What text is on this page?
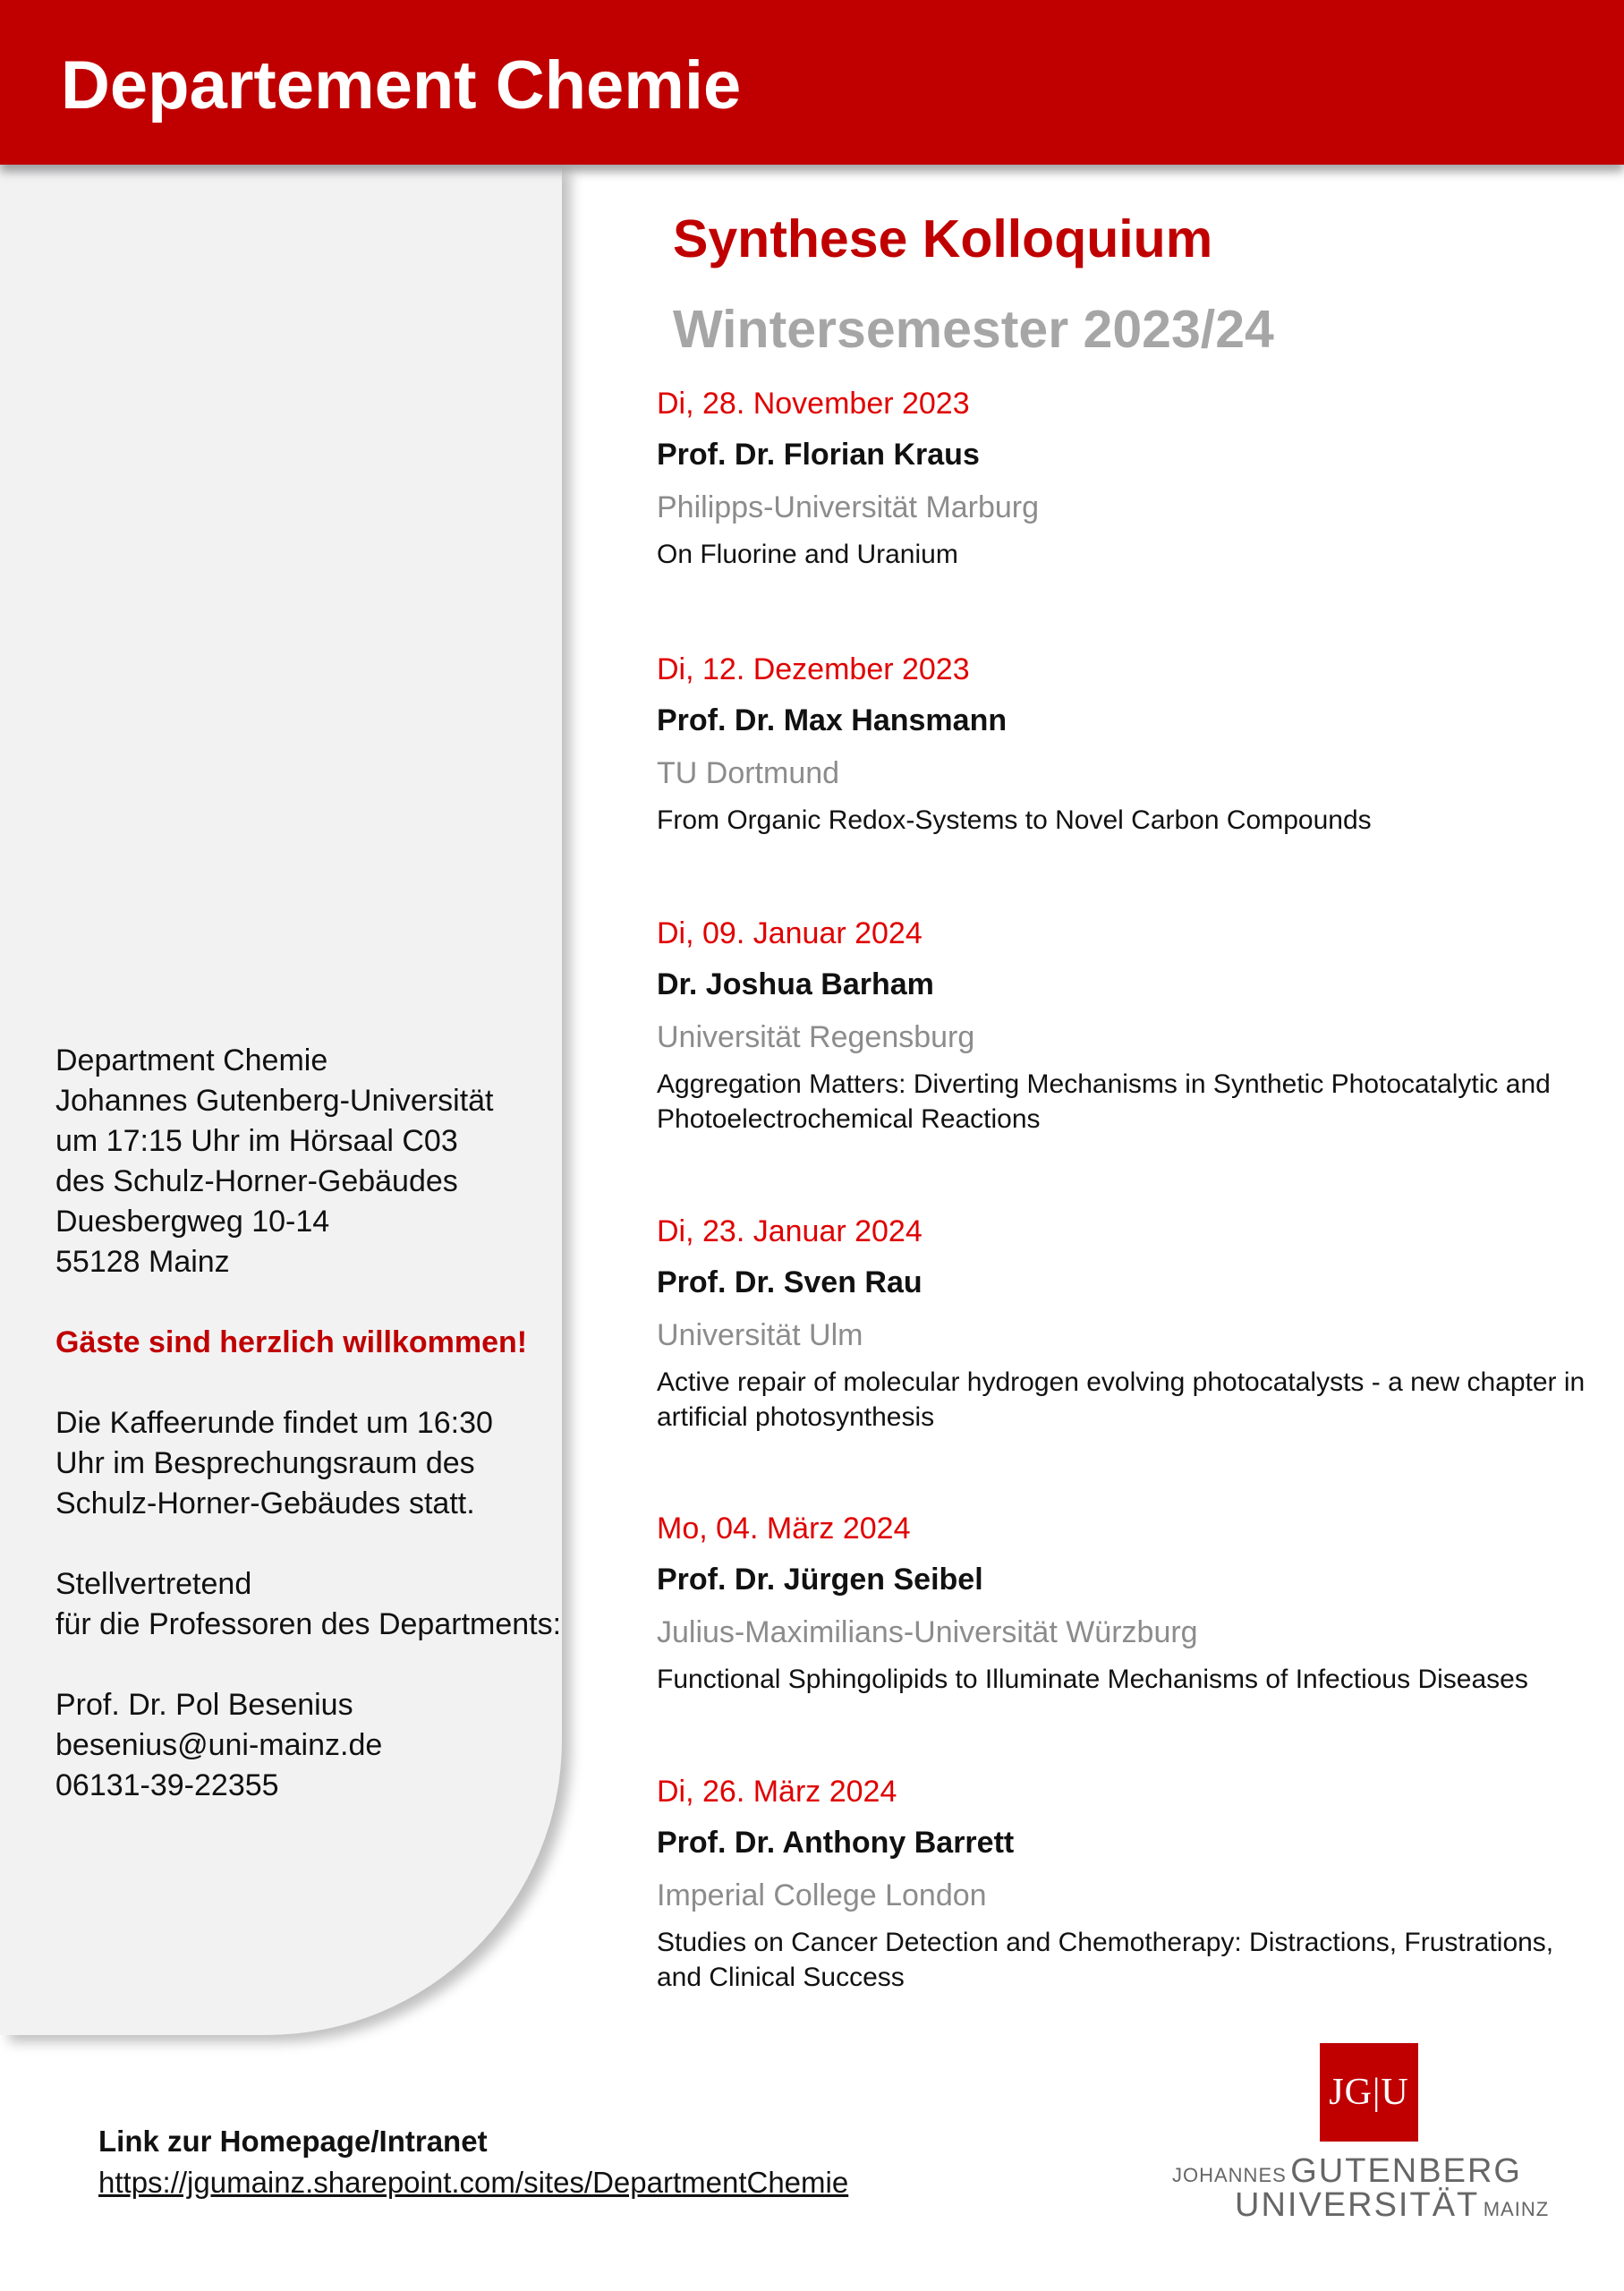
Departement Chemie
Department Chemie
Johannes Gutenberg-Universität
um 17:15 Uhr im Hörsaal C03
des Schulz-Horner-Gebäudes
Duesbergweg 10-14
55128 Mainz
Gäste sind herzlich willkommen!
Die Kaffeerunde findet um 16:30
Uhr im Besprechungsraum des
Schulz-Horner-Gebäudes statt.
Stellvertretend
für die Professoren des Departments:
Prof. Dr. Pol Besenius
besenius@uni-mainz.de
06131-39-22355
Synthese Kolloquium
Wintersemester 2023/24
Di, 28. November 2023
Prof. Dr. Florian Kraus
Philipps-Universität Marburg
On Fluorine and Uranium
Di, 12. Dezember 2023
Prof. Dr. Max Hansmann
TU Dortmund
From Organic Redox-Systems to Novel Carbon Compounds
Di, 09. Januar 2024
Dr. Joshua Barham
Universität Regensburg
Aggregation Matters: Diverting Mechanisms in Synthetic Photocatalytic and Photoelectrochemical Reactions
Di, 23. Januar 2024
Prof. Dr. Sven Rau
Universität Ulm
Active repair of molecular hydrogen evolving photocatalysts - a new chapter in artificial photosynthesis
Mo, 04. März 2024
Prof. Dr. Jürgen Seibel
Julius-Maximilians-Universität Würzburg
Functional Sphingolipids to Illuminate Mechanisms of Infectious Diseases
Di, 26. März 2024
Prof. Dr. Anthony Barrett
Imperial College London
Studies on Cancer Detection and Chemotherapy: Distractions, Frustrations, and Clinical Success
Link zur Homepage/Intranet
https://jgumainz.sharepoint.com/sites/DepartmentChemie
JG|U
JOHANNES GUTENBERG
UNIVERSITÄT MAINZ
